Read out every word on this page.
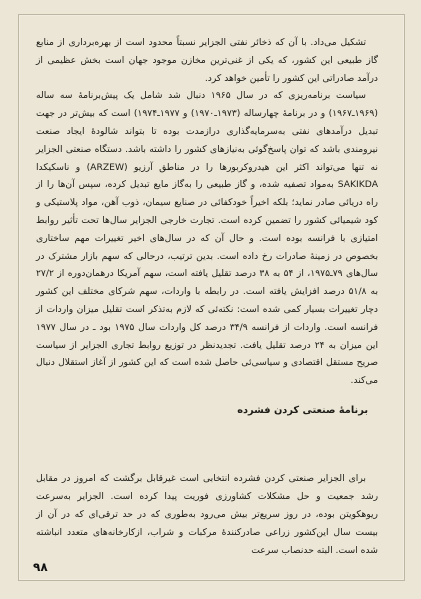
تشکیل می‌داد. با آن که ذخائر نفتی الجزایر نسبتاً محدود است از بهره‌برداری از منابع گاز طبیعی این کشور، که یکی از غنی‌ترین مخازن موجود جهان است بخش عظیمی از درآمد صادراتی این کشور را تأمین خواهد کرد.

سیاست برنامه‌ریزی که در سال ۱۹۶۵ دنبال شد شامل یک پیش‌برنامهٔ سه ساله (۱۹۶۹ـ۱۹۶۷) و در برنامهٔ چهارساله (۱۹۷۳ـ۱۹۷۰) و ۱۹۷۷ـ۱۹۷۴) است که بیش‌تر در جهت تبدیل درآمدهای نفتی به‌سرمایه‌گذاری درازمدت بوده تا بتواند شالودهٔ ایجاد صنعت نیرومندی باشد که توان پاسخ‌گوئی به‌نیازهای کشور را داشته باشد. دستگاه صنعتی الجزایر نه تنها می‌تواند اکثر این هیدروکربورها را در مناطق آرزیو (ARZEW) و ناسکیکدا SAKIKDA به‌مواد تصفیه شده، و گاز طبیعی را به‌گاز مایع تبدیل کرده، سپس آن‌ها را از راه دریائی صادر نماید؛ بلکه اخیراً خودکفائی در صنایع سیمان، ذوب آهن، مواد پلاستیکی و کود شیمیائی کشور را تضمین کرده است. تجارت خارجی الجزایر سال‌ها تحت تأثیر روابط امتیازی با فرانسه بوده است. و حال آن که در سال‌های اخیر تغییرات مهم ساختاری بخصوص در زمینهٔ صادرات رخ داده است. بدین ترتیب، درحالی که سهم بازار مشترک در سال‌های ۷۹ـ۱۹۷۵، از ۵۴ به ۳۸ درصد تقلیل یافته است، سهم آمریکا درهمان‌دوره از ۲۷/۲ به ۵۱/۸ درصد افزایش یافته است. در رابطه با واردات، سهم شرکای مختلف این کشور دچار تغییرات بسیار کمی شده است: نکته‌ئی که لازم به‌تذکر است تقلیل میزان واردات از فرانسه است. واردات از فرانسه ۳۴/۹ درصد کل واردات سال ۱۹۷۵ بود ـ در سال ۱۹۷۷ این میزان به ۲۴ درصد تقلیل یافت. تجدیدنظر در توزیع روابط تجاری الجزایر از سیاست صریح مستقل اقتصادی و سیاسی‌ئی حاصل شده است که این کشور از آغاز استقلال دنبال می‌کند.

برنامهٔ صنعتی کردن فشرده

برای الجزایر صنعتی کردن فشرده انتخابی است غیرقابل برگشت که امروز در مقابل رشد جمعیت و حل مشکلات کشاورزی فوریت پیدا کرده است. الجزایر به‌سرعت ریوهکویتن بوده، در روز سریع‌تر بیش می‌رود به‌طوری که در حد ترقی‌ای که در آن از بیست سال این‌کشور زراعی صادرکنندهٔ مرکبات و شراب، ازکارخانه‌های متعدد انباشته شده است. البته حدنصاب سرعت

۹۸
